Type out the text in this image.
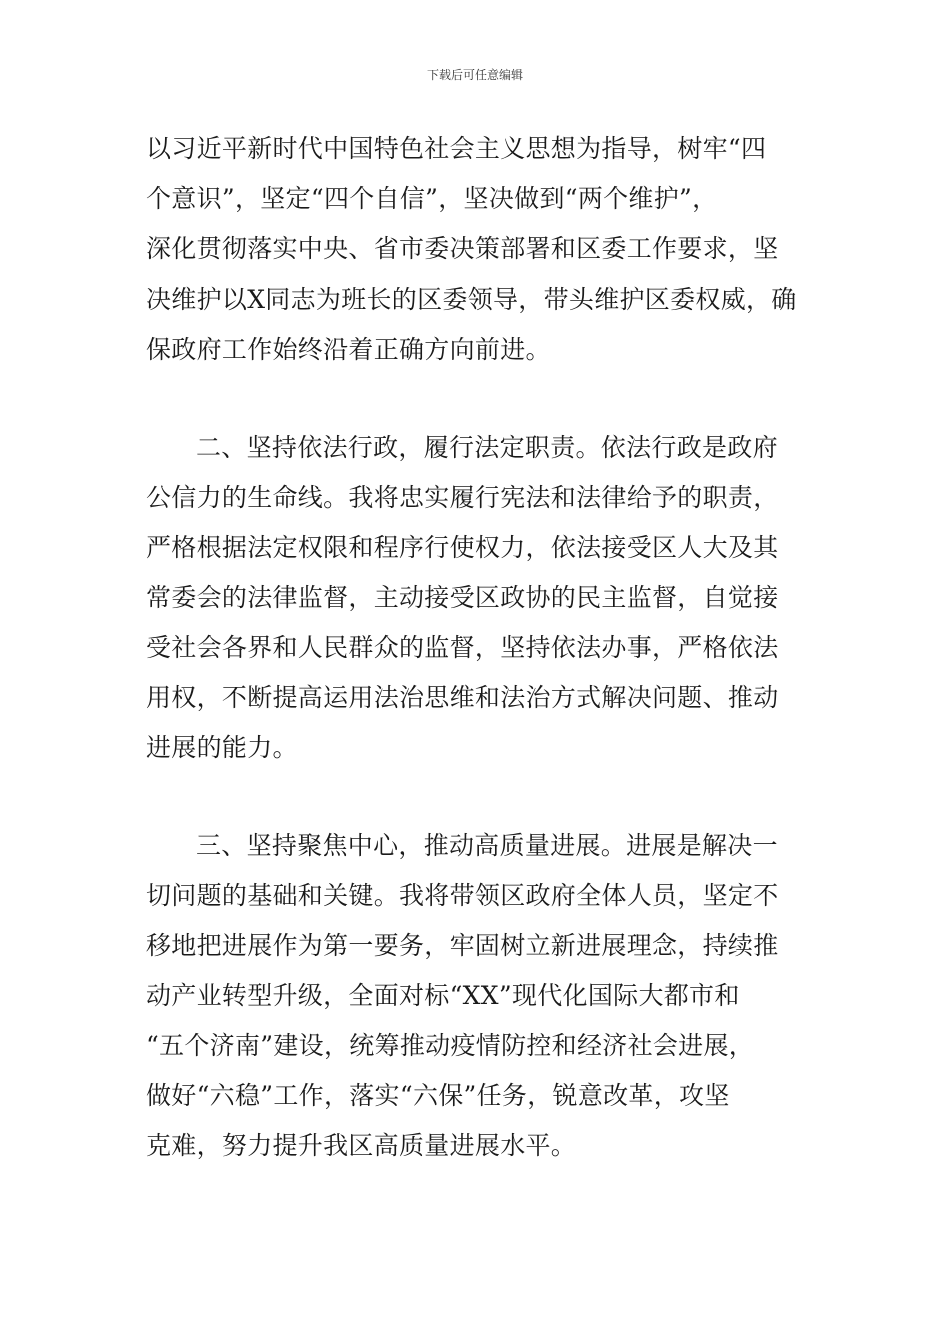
下载后可任意编辑
以习近平新时代中国特色社会主义思想为指导，树牢“四
个意识”，坚定“四个自信”，坚决做到“两个维护”，
深化贯彻落实中央、省市委决策部署和区委工作要求，坚
决维护以X同志为班长的区委领导，带头维护区委权威，确
保政府工作始终沿着正确方向前进。
二、坚持依法行政，履行法定职责。依法行政是政府
公信力的生命线。我将忠实履行宪法和法律给予的职责，
严格根据法定权限和程序行使权力，依法接受区人大及其
常委会的法律监督，主动接受区政协的民主监督，自觉接
受社会各界和人民群众的监督，坚持依法办事，严格依法
用权，不断提高运用法治思维和法治方式解决问题、推动
进展的能力。
三、坚持聚焦中心，推动高质量进展。进展是解决一
切问题的基础和关键。我将带领区政府全体人员，坚定不
移地把进展作为第一要务，牢固树立新进展理念，持续推
动产业转型升级，全面对标“XX”现代化国际大都市和
“五个济南”建设，统筹推动疫情防控和经济社会进展，
做好“六稳”工作，落实“六保”任务，锐意改革，攻坚
克难，努力提升我区高质量进展水平。
